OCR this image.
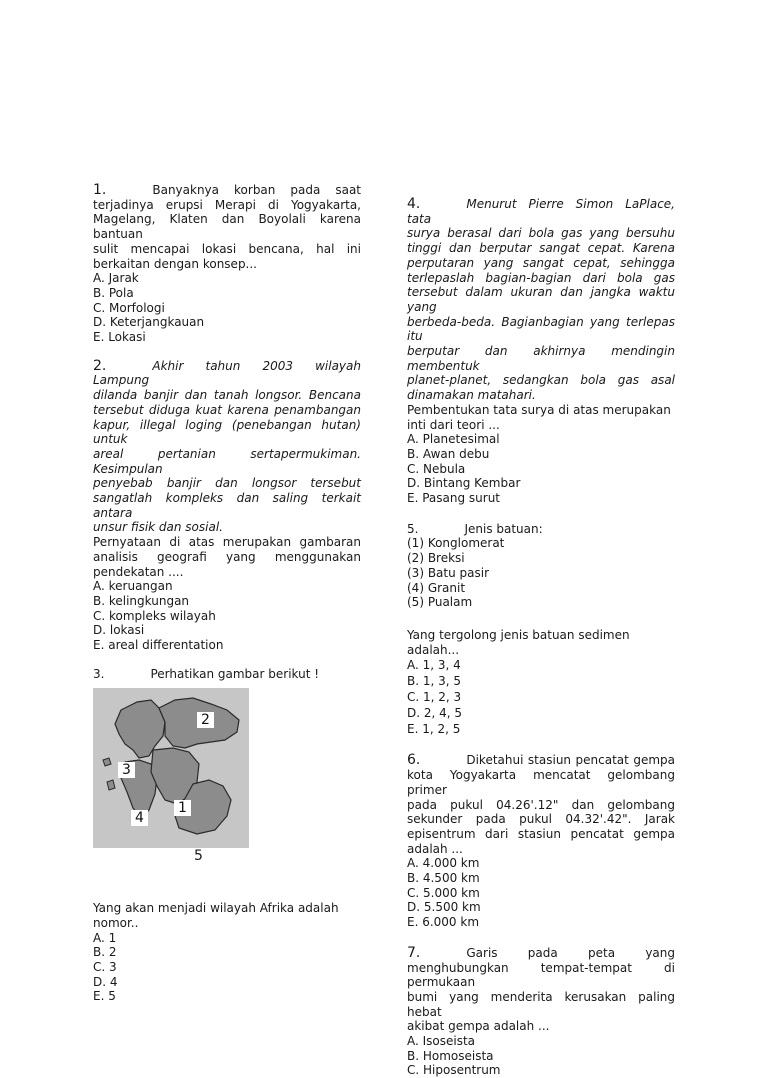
1.	Banyaknya korban pada saat
terjadinya erupsi Merapi di Yogyakarta,
Magelang, Klaten dan Boyolali karena bantuan
sulit mencapai lokasi bencana, hal ini
berkaitan dengan konsep...
A. Jarak
B. Pola
C. Morfologi
D. Keterjangkauan
E. Lokasi
2.	Akhir tahun 2003 wilayah Lampung
dilanda banjir dan tanah longsor. Bencana
tersebut diduga kuat karena penambangan
kapur, illegal loging (penebangan hutan) untuk
areal pertanian sertapermukiman. Kesimpulan
penyebab banjir dan longsor tersebut
sangatlah kompleks dan saling terkait antara
unsur fisik dan sosial.
Pernyataan di atas merupakan gambaran
analisis geografi yang menggunakan
pendekatan ....
A. keruangan
B. kelingkungan
C. kompleks wilayah
D. lokasi
E. areal differentation
3.	Perhatikan gambar berikut !
2
3
1
4
5
Yang akan menjadi wilayah Afrika adalah
nomor..
A. 1
B. 2
C. 3
D. 4
E. 5
4.	Menurut Pierre Simon LaPlace, tata
surya berasal dari bola gas yang bersuhu
tinggi dan berputar sangat cepat. Karena
perputaran yang sangat cepat, sehingga
terlepaslah bagian-bagian dari bola gas
tersebut dalam ukuran dan jangka waktu yang
berbeda-beda. Bagianbagian yang terlepas itu
berputar dan akhirnya mendingin membentuk
planet-planet, sedangkan bola gas asal
dinamakan matahari.
Pembentukan tata surya di atas merupakan
inti dari teori ...
A. Planetesimal
B. Awan debu
C. Nebula
D. Bintang Kembar
E. Pasang surut
5.	Jenis batuan:
(1) Konglomerat
(2) Breksi
(3) Batu pasir
(4) Granit
(5) Pualam
Yang tergolong jenis batuan sedimen adalah...
A. 1, 3, 4
B. 1, 3, 5
C. 1, 2, 3
D. 2, 4, 5
E. 1, 2, 5
6.	Diketahui stasiun pencatat gempa
kota Yogyakarta mencatat gelombang primer
pada pukul 04.26'.12" dan gelombang
sekunder pada pukul 04.32'.42". Jarak
episentrum dari stasiun pencatat gempa
adalah ...
A. 4.000 km
B. 4.500 km
C. 5.000 km
D. 5.500 km
E. 6.000 km
7.	Garis pada peta yang
menghubungkan tempat-tempat di permukaan
bumi yang menderita kerusakan paling hebat
akibat gempa adalah ...
A. Isoseista
B. Homoseista
C. Hiposentrum
